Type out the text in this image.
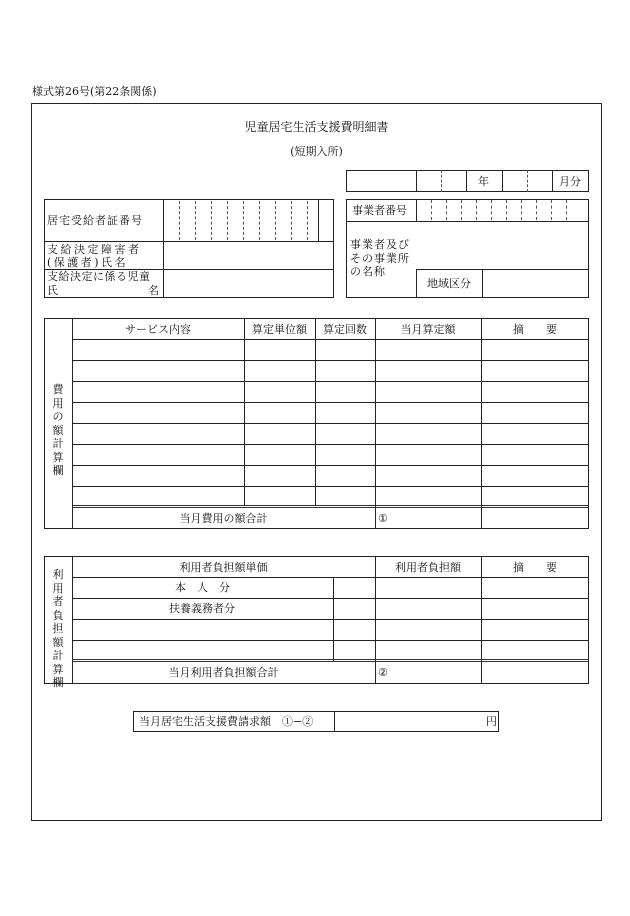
様式第26号(第22条関係)
児童居宅生活支援費明細書
(短期入所)
年	月分
居宅受給者証番号
支給決定障害者
(保護者)氏名
支給決定に係る児童
氏名
事業者番号
事業者及びその事業所の名称
地域区分
費用の額計算欄
サービス内容	算定単位額	算定回数	当月算定額	摘　　要
当月費用の額合計	①
利用者負担額計算欄
利用者負担額単価	利用者負担額	摘　　要
本　人　分
扶養義務者分
当月利用者負担額合計	②
当月居宅生活支援費請求額　①−②	円
